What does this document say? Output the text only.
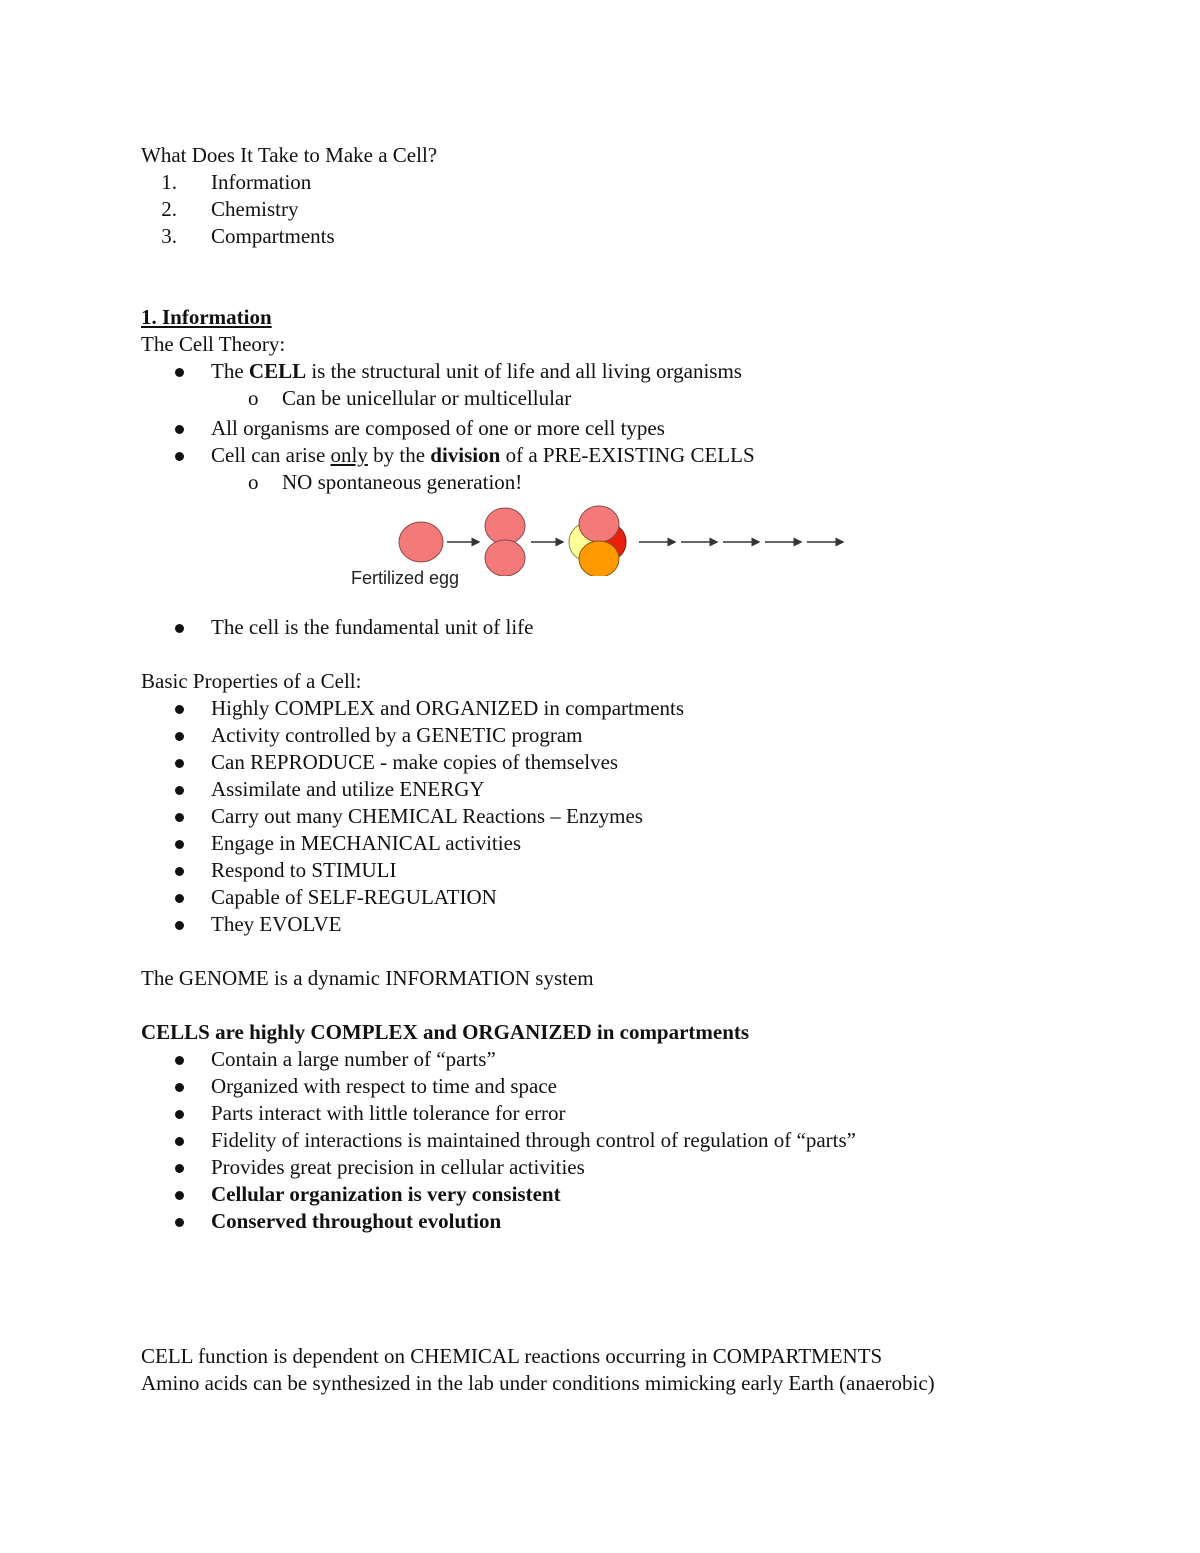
What Does It Take to Make a Cell?
1. Information
2. Chemistry
3. Compartments
1. Information
The Cell Theory:
The CELL is the structural unit of life and all living organisms
o Can be unicellular or multicellular
All organisms are composed of one or more cell types
Cell can arise only by the division of a PRE-EXISTING CELLS
o NO spontaneous generation!
Fertilized egg
The cell is the fundamental unit of life
Basic Properties of a Cell:
Highly COMPLEX and ORGANIZED in compartments
Activity controlled by a GENETIC program
Can REPRODUCE - make copies of themselves
Assimilate and utilize ENERGY
Carry out many CHEMICAL Reactions – Enzymes
Engage in MECHANICAL activities
Respond to STIMULI
Capable of SELF-REGULATION
They EVOLVE
The GENOME is a dynamic INFORMATION system
CELLS are highly COMPLEX and ORGANIZED in compartments
Contain a large number of “parts”
Organized with respect to time and space
Parts interact with little tolerance for error
Fidelity of interactions is maintained through control of regulation of “parts”
Provides great precision in cellular activities
Cellular organization is very consistent
Conserved throughout evolution
CELL function is dependent on CHEMICAL reactions occurring in COMPARTMENTS
Amino acids can be synthesized in the lab under conditions mimicking early Earth (anaerobic)
